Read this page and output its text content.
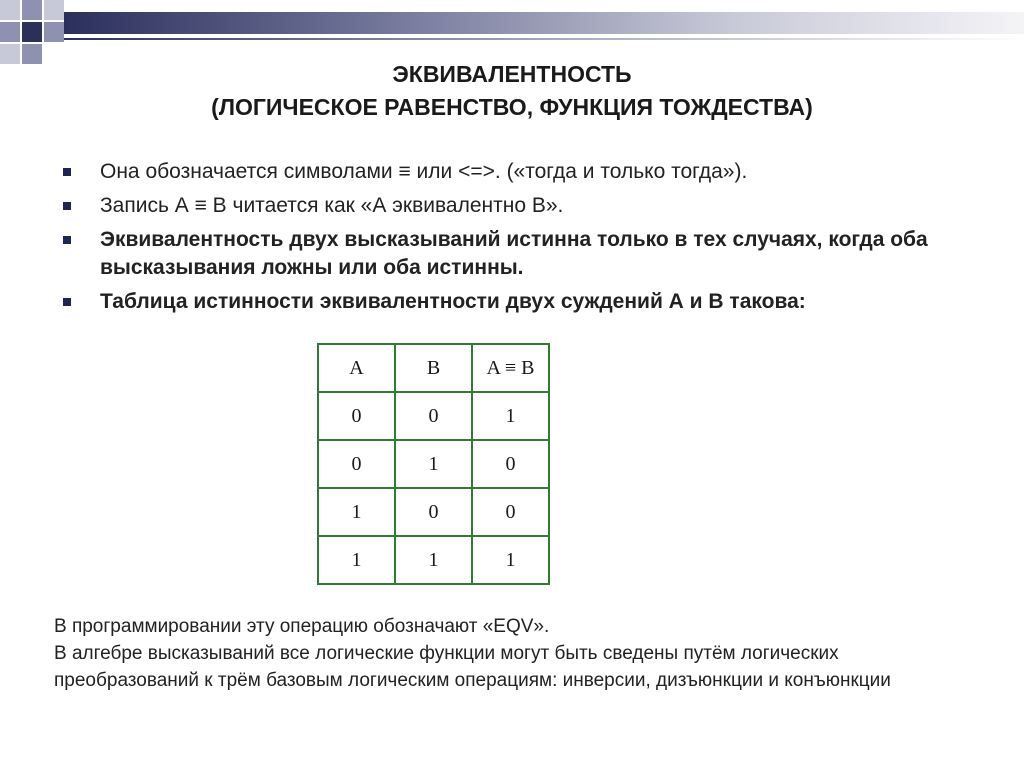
ЭКВИВАЛЕНТНОСТЬ
(ЛОГИЧЕСКОЕ РАВЕНСТВО, ФУНКЦИЯ ТОЖДЕСТВА)
Она обозначается символами ≡ или <=>. («тогда и только тогда»).
Запись А ≡ В читается как «А эквивалентно В».
Эквивалентность двух высказываний истинна только в тех случаях, когда оба высказывания ложны или оба истинны.
Таблица истинности эквивалентности двух суждений А и В такова:
A	B	A ≡ B
0	0	1
0	1	0
1	0	0
1	1	1

В программировании эту операцию обозначают «EQV».

В алгебре высказываний все логические функции могут быть сведены путём логических преобразований к трём базовым логическим операциям: инверсии, дизъюнкции и конъюнкции
